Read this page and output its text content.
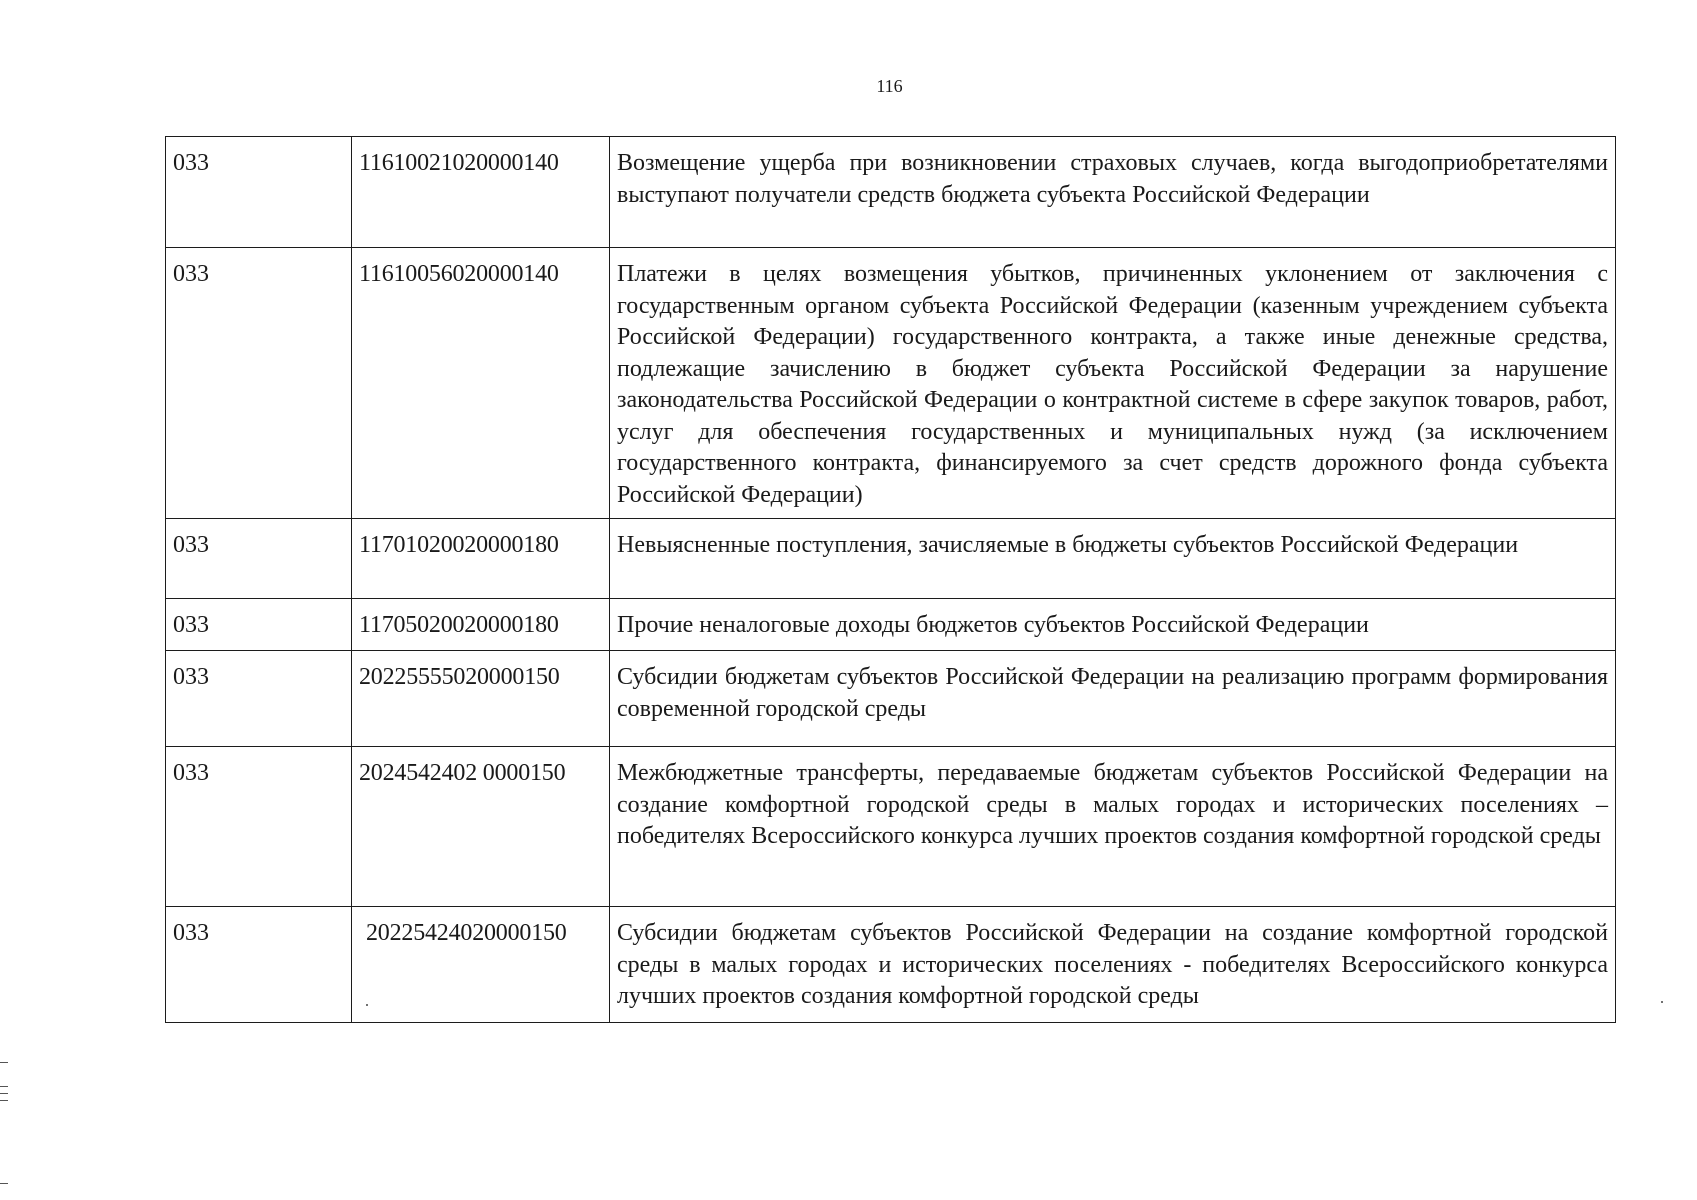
116
033	11610021020000140	Возмещение ущерба при возникновении страховых случаев, когда выгодоприобретателями выступают получатели средств бюджета субъекта Российской Федерации
033	11610056020000140	Платежи в целях возмещения убытков, причиненных уклонением от заключения с государственным органом субъекта Российской Федерации (казенным учреждением субъекта Российской Федерации) государственного контракта, а также иные денежные средства, подлежащие зачислению в бюджет субъекта Российской Федерации за нарушение законодательства Российской Федерации о контрактной системе в сфере закупок товаров, работ, услуг для обеспечения государственных и муниципальных нужд (за исключением государственного контракта, финансируемого за счет средств дорожного фонда субъекта Российской Федерации)
033	11701020020000180	Невыясненные поступления, зачисляемые в бюджеты субъектов Российской Федерации
033	11705020020000180	Прочие неналоговые доходы бюджетов субъектов Российской Федерации
033	20225555020000150	Субсидии бюджетам субъектов Российской Федерации на реализацию программ формирования современной городской среды
033	2024542402 0000150	Межбюджетные трансферты, передаваемые бюджетам субъектов Российской Федерации на создание комфортной городской среды в малых городах и исторических поселениях – победителях Всероссийского конкурса лучших проектов создания комфортной городской среды
033	20225424020000150	Субсидии бюджетам субъектов Российской Федерации на создание комфортной городской среды в малых городах и исторических поселениях - победителях Всероссийского конкурса лучших проектов создания комфортной городской среды
